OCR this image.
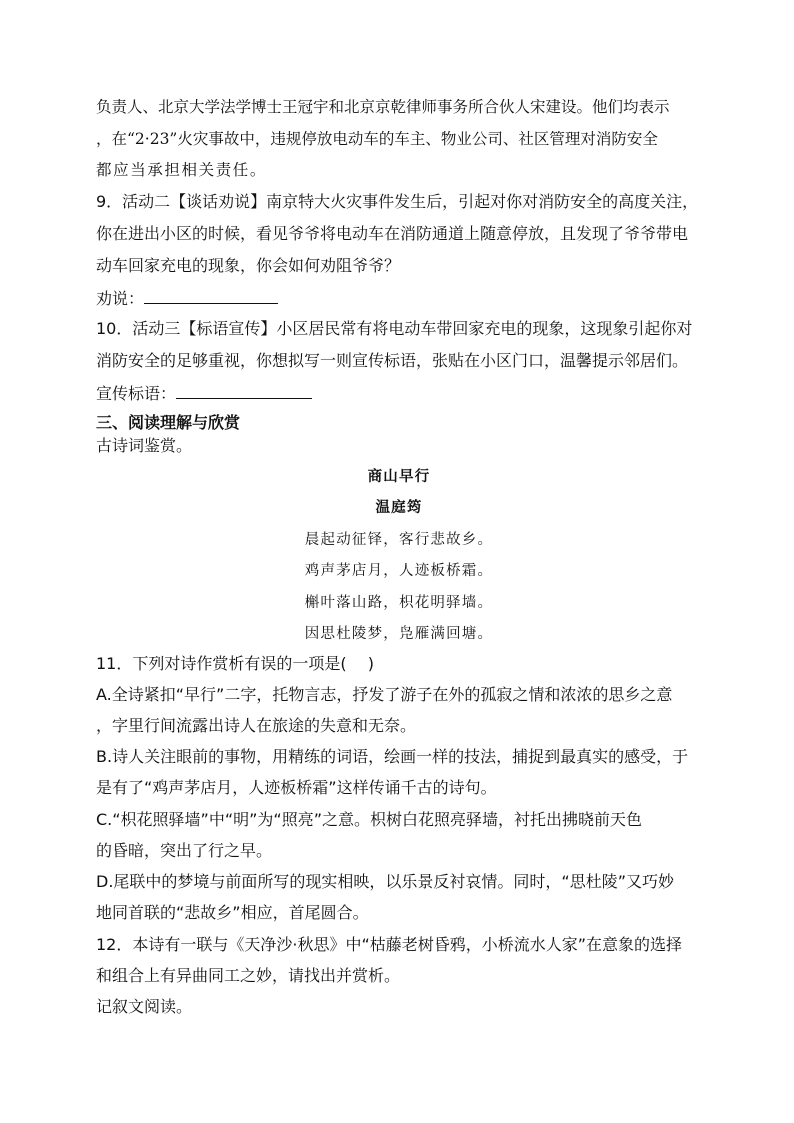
负责人、北京大学法学博士王冠宇和北京京乾律师事务所合伙人宋建设。他们均表示
，在“2·23”火灾事故中，违规停放电动车的车主、物业公司、社区管理对消防安全
都应当承担相关责任。
9．活动二【谈话劝说】南京特大火灾事件发生后，引起对你对消防安全的高度关注，
你在进出小区的时候，看见爷爷将电动车在消防通道上随意停放，且发现了爷爷带电
动车回家充电的现象，你会如何劝阻爷爷？
劝说：
10．活动三【标语宣传】小区居民常有将电动车带回家充电的现象，这现象引起你对
消防安全的足够重视，你想拟写一则宣传标语，张贴在小区门口，温馨提示邻居们。
宣传标语：
三、阅读理解与欣赏
古诗词鉴赏。
商山早行
温庭筠
晨起动征铎，客行悲故乡。
鸡声茅店月，人迹板桥霜。
槲叶落山路，枳花明驿墙。
因思杜陵梦，凫雁满回塘。
11．下列对诗作赏析有误的一项是(　 )
A.全诗紧扣“早行”二字，托物言志，抒发了游子在外的孤寂之情和浓浓的思乡之意
，字里行间流露出诗人在旅途的失意和无奈。
B.诗人关注眼前的事物，用精练的词语，绘画一样的技法，捕捉到最真实的感受，于
是有了“鸡声茅店月，人迹板桥霜”这样传诵千古的诗句。
C.“枳花照驿墙”中“明”为“照亮”之意。枳树白花照亮驿墙，衬托出拂晓前天色
的昏暗，突出了行之早。
D.尾联中的梦境与前面所写的现实相映，以乐景反衬哀情。同时，“思杜陵”又巧妙
地同首联的“悲故乡”相应，首尾圆合。
12．本诗有一联与《天净沙·秋思》中“枯藤老树昏鸦，小桥流水人家”在意象的选择
和组合上有异曲同工之妙，请找出并赏析。
记叙文阅读。
